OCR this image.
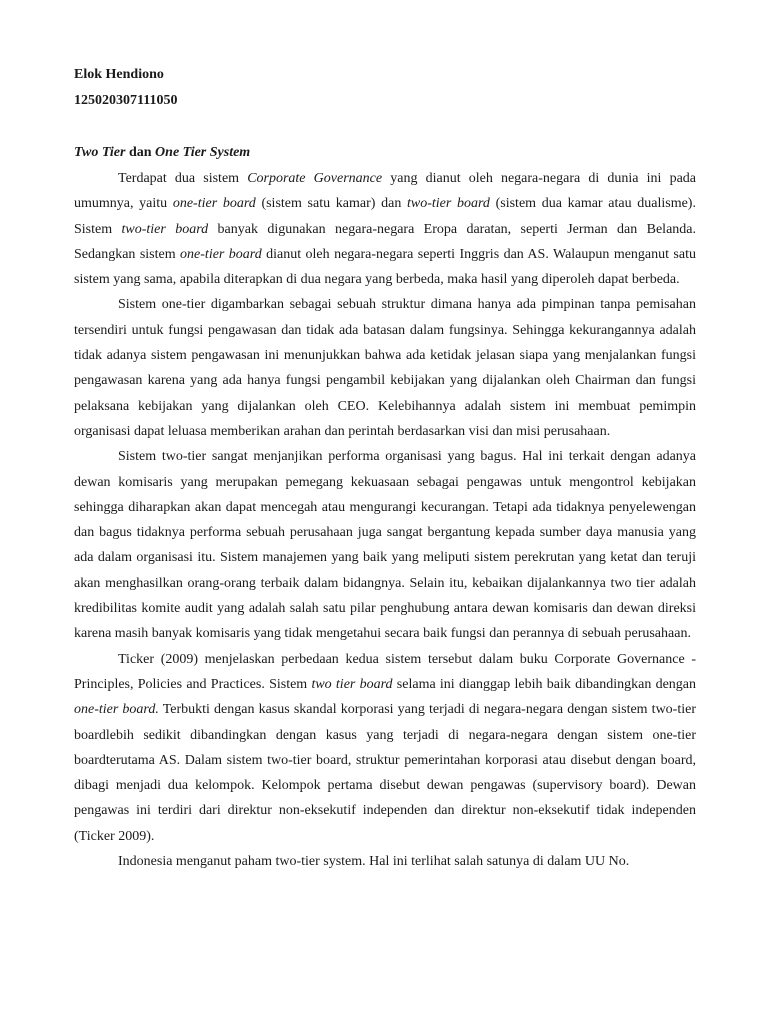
Elok Hendiono

125020307111050

Two Tier dan One Tier System

Terdapat dua sistem Corporate Governance yang dianut oleh negara-negara di dunia ini pada umumnya, yaitu one-tier board (sistem satu kamar) dan two-tier board (sistem dua kamar atau dualisme). Sistem two-tier board banyak digunakan negara-negara Eropa daratan, seperti Jerman dan Belanda. Sedangkan sistem one-tier board dianut oleh negara-negara seperti Inggris dan AS. Walaupun menganut satu sistem yang sama, apabila diterapkan di dua negara yang berbeda, maka hasil yang diperoleh dapat berbeda.

Sistem one-tier digambarkan sebagai sebuah struktur dimana hanya ada pimpinan tanpa pemisahan tersendiri untuk fungsi pengawasan dan tidak ada batasan dalam fungsinya. Sehingga kekurangannya adalah tidak adanya sistem pengawasan ini menunjukkan bahwa ada ketidak jelasan siapa yang menjalankan fungsi pengawasan karena yang ada hanya fungsi pengambil kebijakan yang dijalankan oleh Chairman dan fungsi pelaksana kebijakan yang dijalankan oleh CEO. Kelebihannya adalah sistem ini membuat pemimpin organisasi dapat leluasa memberikan arahan dan perintah berdasarkan visi dan misi perusahaan.

Sistem two-tier sangat menjanjikan performa organisasi yang bagus. Hal ini terkait dengan adanya dewan komisaris yang merupakan pemegang kekuasaan sebagai pengawas untuk mengontrol kebijakan sehingga diharapkan akan dapat mencegah atau mengurangi kecurangan. Tetapi ada tidaknya penyelewengan dan bagus tidaknya performa sebuah perusahaan juga sangat bergantung kepada sumber daya manusia yang ada dalam organisasi itu. Sistem manajemen yang baik yang meliputi sistem perekrutan yang ketat dan teruji akan menghasilkan orang-orang terbaik dalam bidangnya. Selain itu, kebaikan dijalankannya two tier adalah kredibilitas komite audit yang adalah salah satu pilar penghubung antara dewan komisaris dan dewan direksi karena masih banyak komisaris yang tidak mengetahui secara baik fungsi dan perannya di sebuah perusahaan.

Ticker (2009) menjelaskan perbedaan kedua sistem tersebut dalam buku Corporate Governance - Principles, Policies and Practices. Sistem two tier board selama ini dianggap lebih baik dibandingkan dengan one-tier board. Terbukti dengan kasus skandal korporasi yang terjadi di negara-negara dengan sistem two-tier boardlebih sedikit dibandingkan dengan kasus yang terjadi di negara-negara dengan sistem one-tier boardterutama AS. Dalam sistem two-tier board, struktur pemerintahan korporasi atau disebut dengan board, dibagi menjadi dua kelompok. Kelompok pertama disebut dewan pengawas (supervisory board). Dewan pengawas ini terdiri dari direktur non-eksekutif independen dan direktur non-eksekutif tidak independen (Ticker 2009).

Indonesia menganut paham two-tier system. Hal ini terlihat salah satunya di dalam UU No.
